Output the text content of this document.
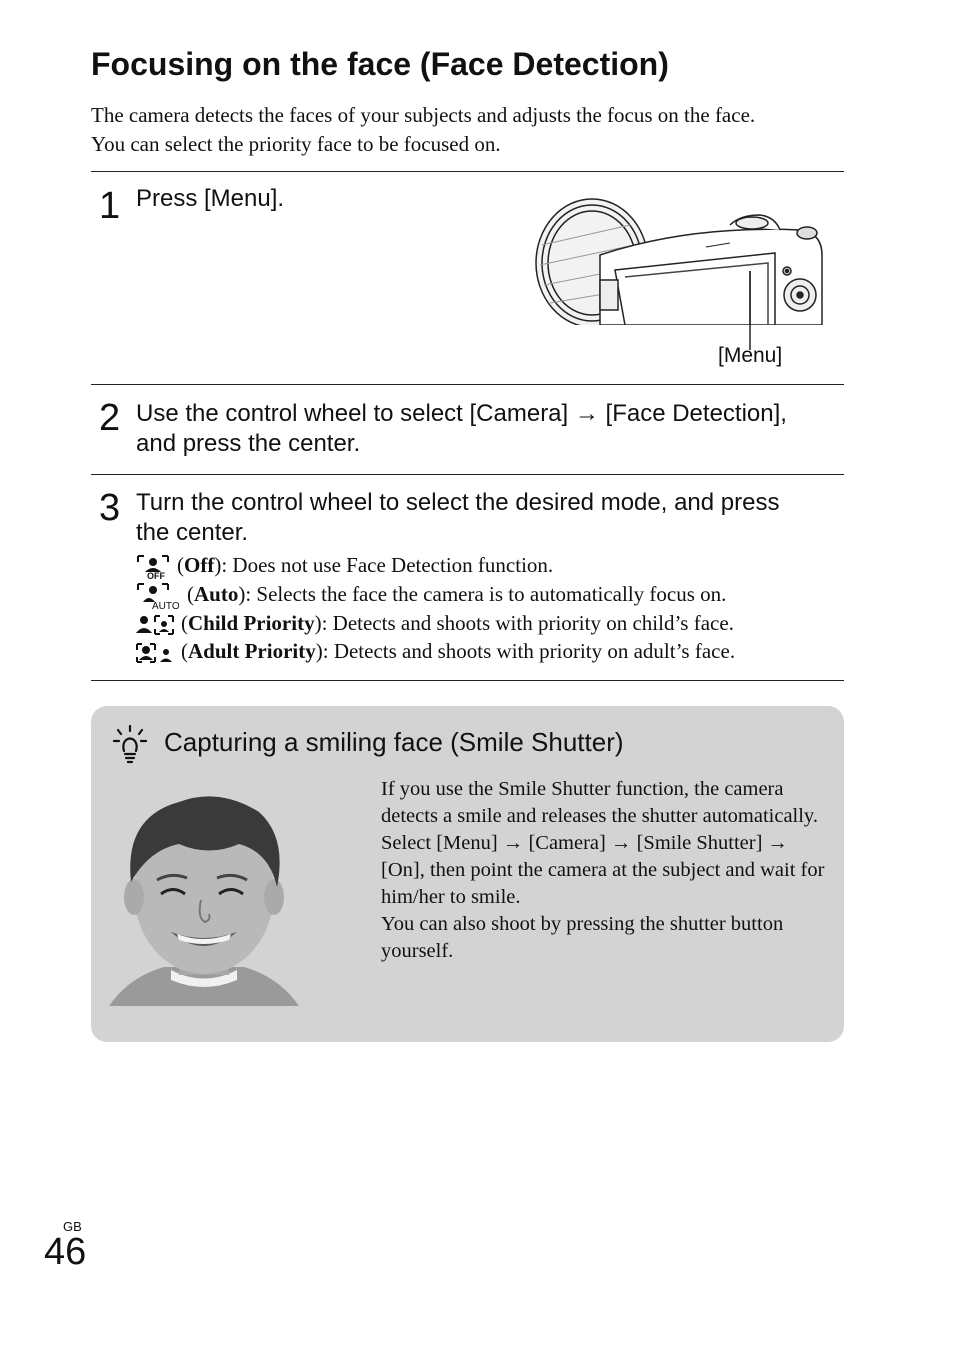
Focusing on the face (Face Detection)
The camera detects the faces of your subjects and adjusts the focus on the face.
You can select the priority face to be focused on.
1 Press [Menu].

[Menu]
2 Use the control wheel to select [Camera] → [Face Detection], and press the center.

3 Turn the control wheel to select the desired mode, and press the center.

OFF (Off): Does not use Face Detection function.
AUTO
(Auto): Selects the face the camera is to automatically focus on.
(Child Priority): Detects and shoots with priority on child’s face.
(Adult Priority): Detects and shoots with priority on adult’s face.

Capturing a smiling face (Smile Shutter)

If you use the Smile Shutter function, the camera detects a smile and releases the shutter automatically.

Select [Menu] → [Camera] → [Smile Shutter] → [On], then point the camera at the subject and wait for him/her to smile.

You can also shoot by pressing the shutter button yourself.

GB
46
